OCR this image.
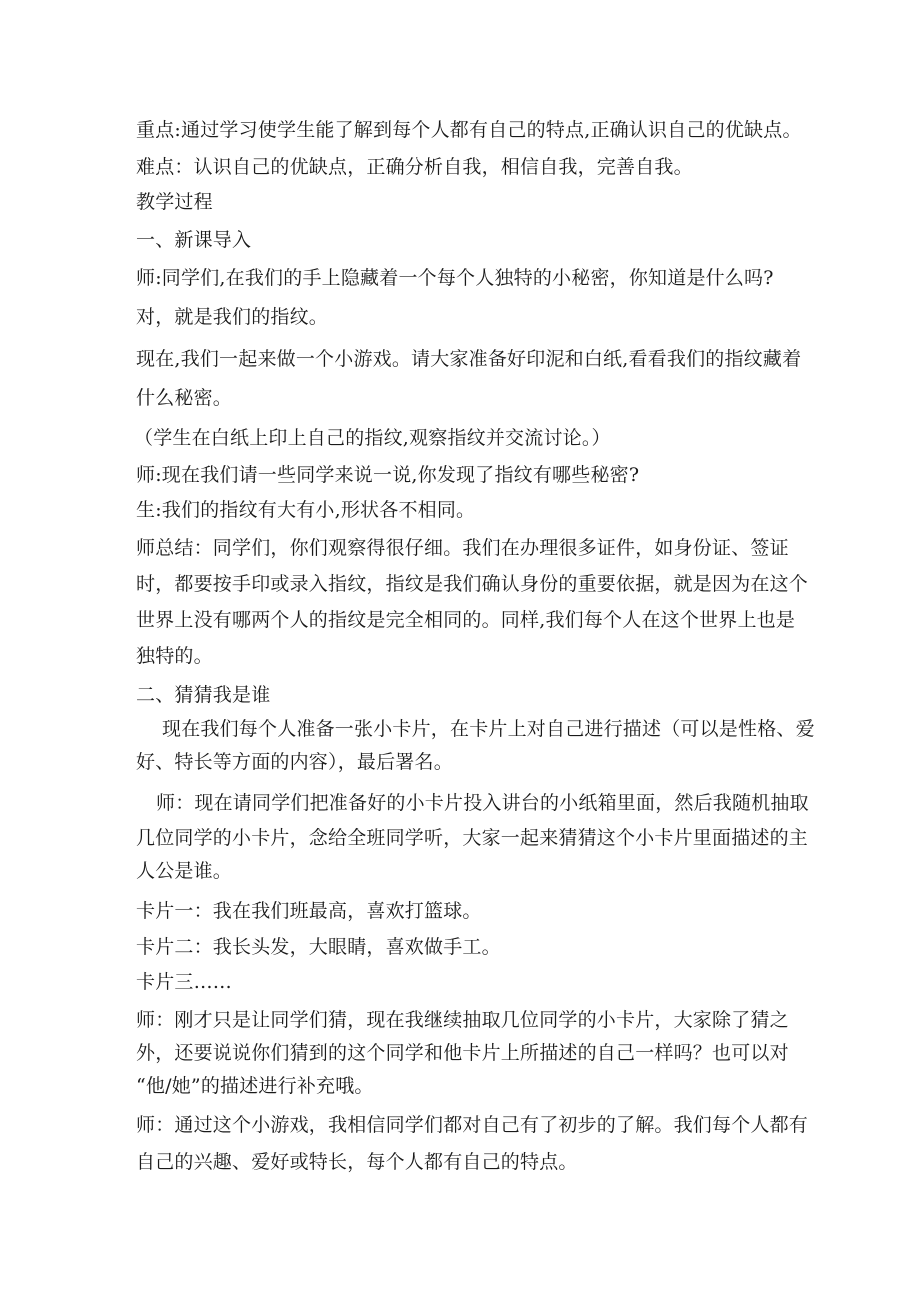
重点:通过学习使学生能了解到每个人都有自己的特点,正确认识自己的优缺点。
难点：认识自己的优缺点，正确分析自我，相信自我，完善自我。
教学过程
一、新课导入
师:同学们,在我们的手上隐藏着一个每个人独特的小秘密，你知道是什么吗?
对，就是我们的指纹。
现在,我们一起来做一个小游戏。请大家准备好印泥和白纸,看看我们的指纹藏着
什么秘密。
（学生在白纸上印上自己的指纹,观察指纹并交流讨论。）
师:现在我们请一些同学来说一说,你发现了指纹有哪些秘密?
生:我们的指纹有大有小,形状各不相同。
师总结：同学们，你们观察得很仔细。我们在办理很多证件，如身份证、签证
时，都要按手印或录入指纹，指纹是我们确认身份的重要依据，就是因为在这个
世界上没有哪两个人的指纹是完全相同的。同样,我们每个人在这个世界上也是
独特的。
二、猜猜我是谁
现在我们每个人准备一张小卡片，在卡片上对自己进行描述（可以是性格、爱
好、特长等方面的内容），最后署名。
师：现在请同学们把准备好的小卡片投入讲台的小纸箱里面，然后我随机抽取
几位同学的小卡片，念给全班同学听，大家一起来猜猜这个小卡片里面描述的主
人公是谁。
卡片一：我在我们班最高，喜欢打篮球。
卡片二：我长头发，大眼睛，喜欢做手工。
卡片三……
师：刚才只是让同学们猜，现在我继续抽取几位同学的小卡片，大家除了猜之
外，还要说说你们猜到的这个同学和他卡片上所描述的自己一样吗？也可以对
“他/她”的描述进行补充哦。
师：通过这个小游戏，我相信同学们都对自己有了初步的了解。我们每个人都有
自己的兴趣、爱好或特长，每个人都有自己的特点。
